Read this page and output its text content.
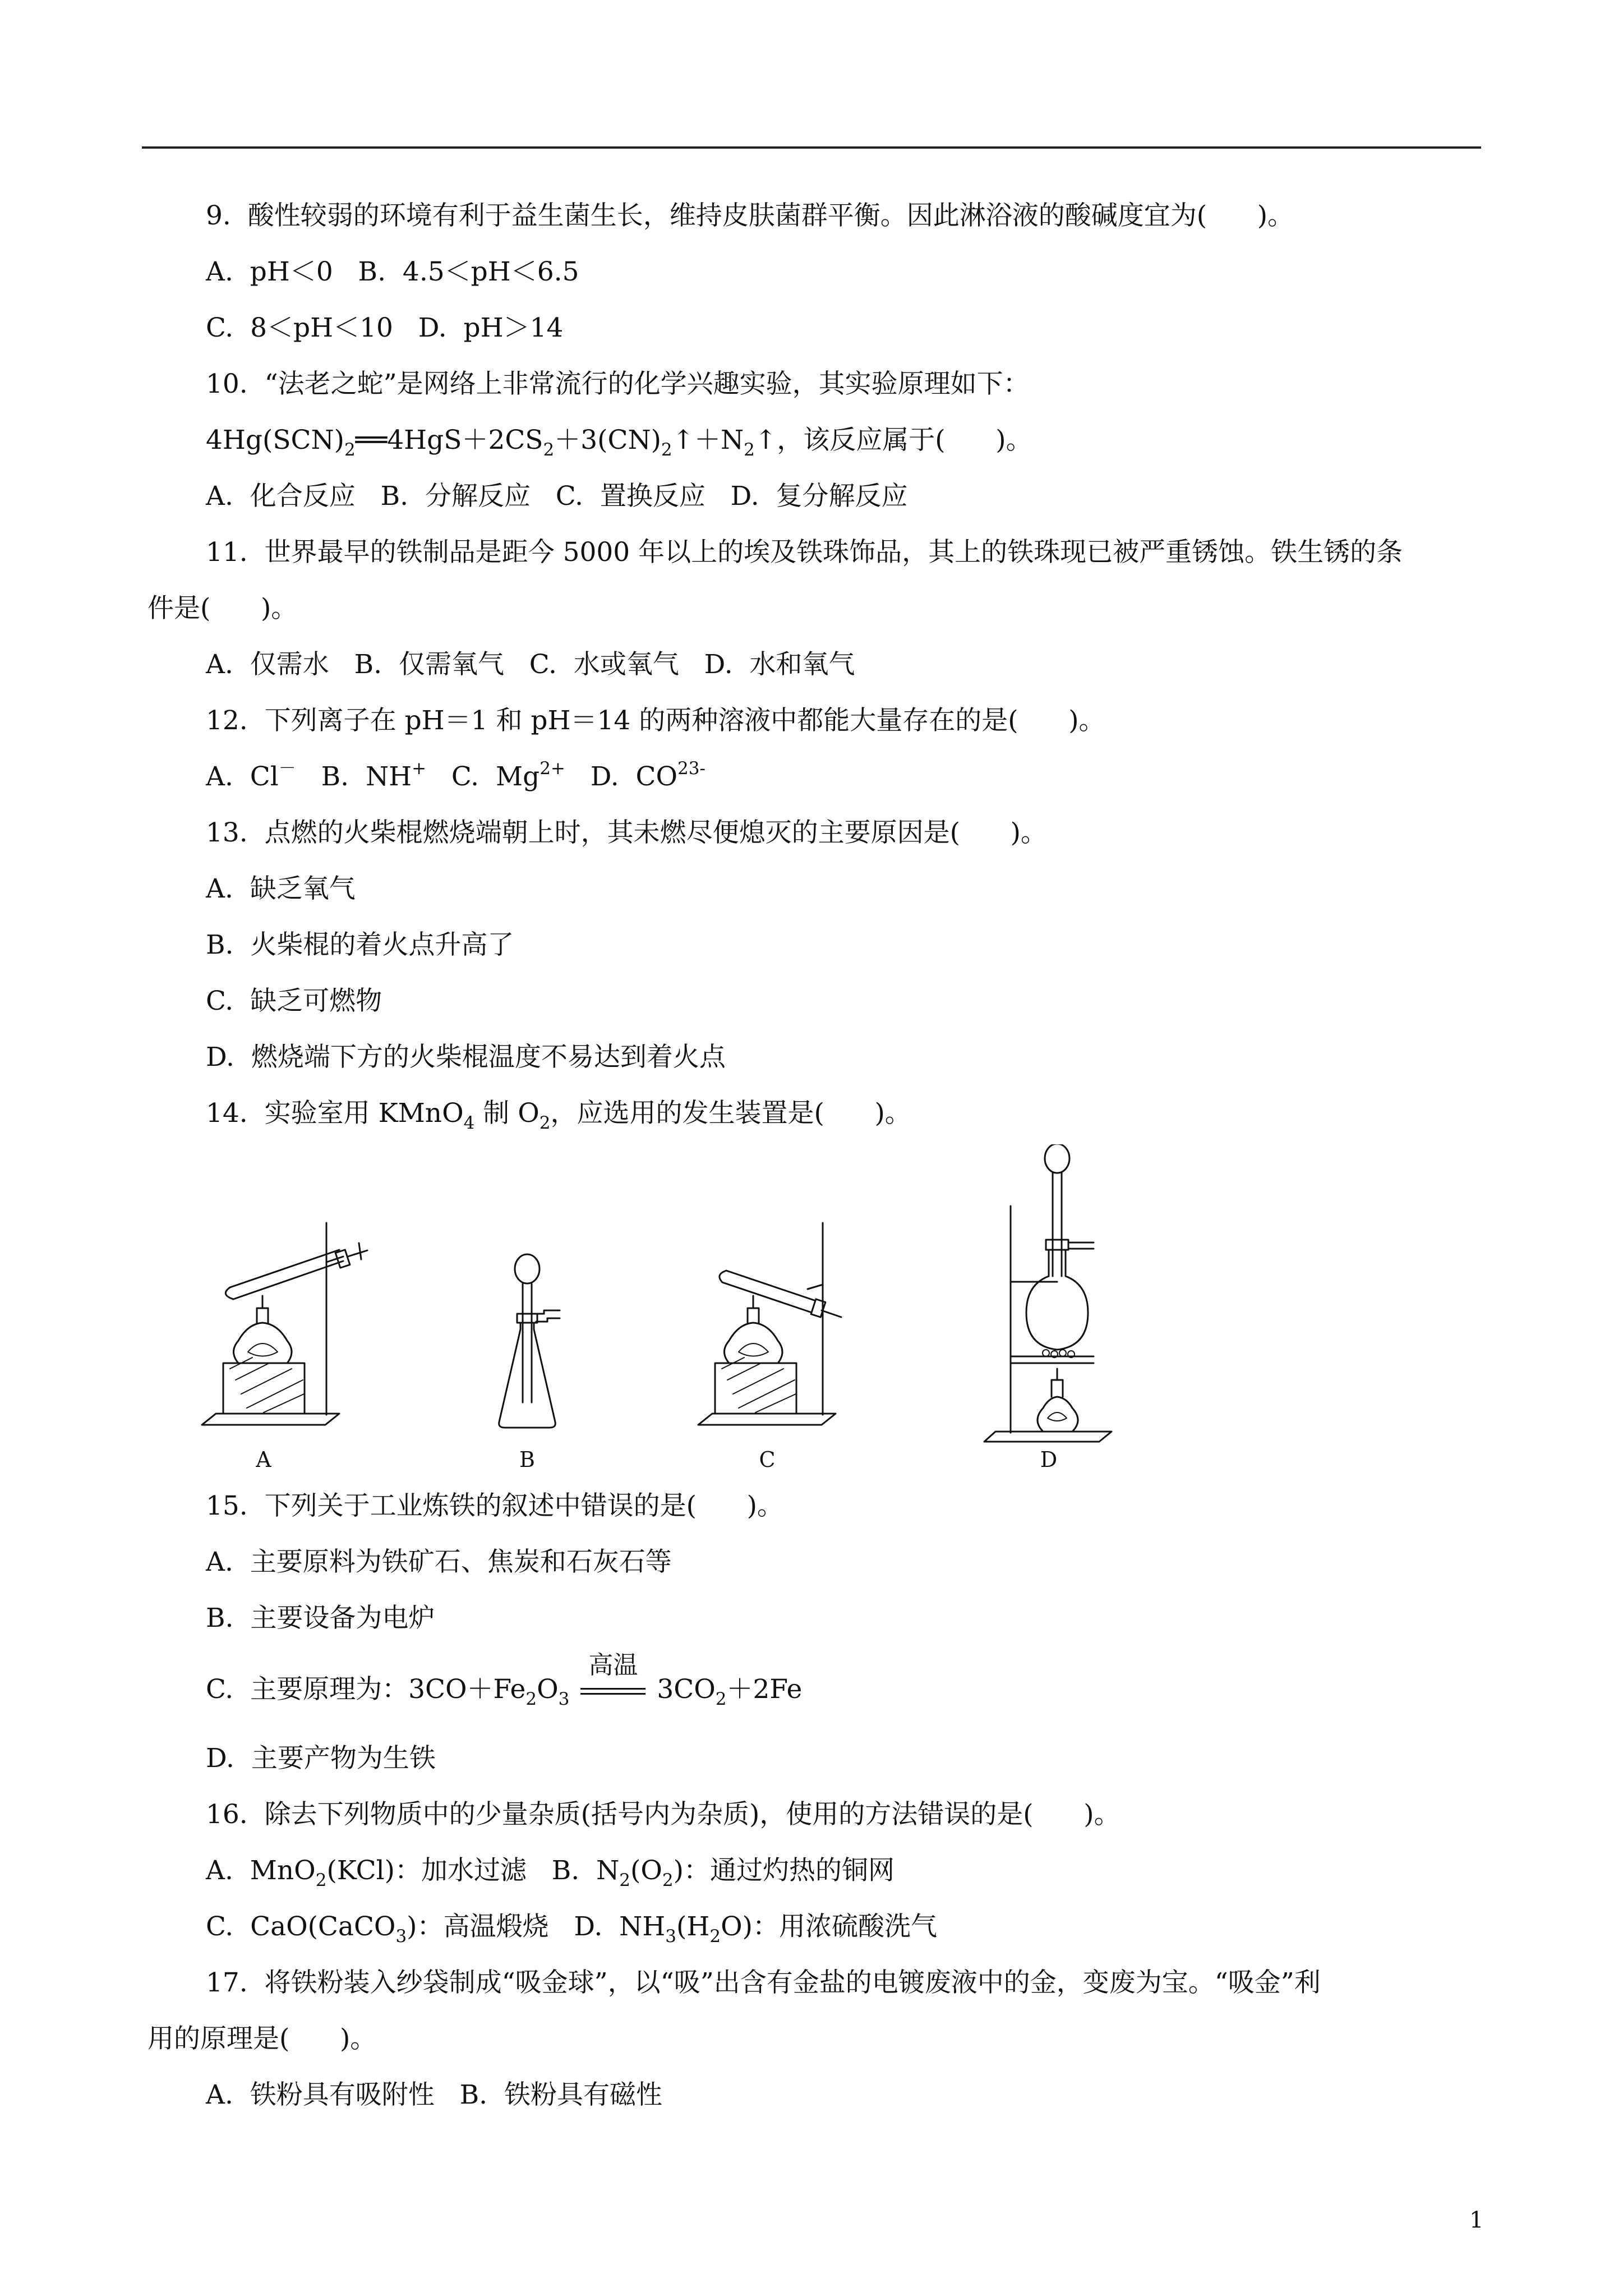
9.  酸性较弱的环境有利于益生菌生长，维持皮肤菌群平衡。因此淋浴液的酸碱度宜为(      )。
A.  pH＜0   B.  4.5＜pH＜6.5
C.  8＜pH＜10   D.  pH＞14
10.  “法老之蛇”是网络上非常流行的化学兴趣实验，其实验原理如下：
$4Hg(SCN)_2══4HgS+2CS_2+3(CN)_2↑+N_2↑$，该反应属于(      )。
A.  化合反应   B.  分解反应   C.  置换反应   D.  复分解反应
11.  世界最早的铁制品是距今 5000 年以上的埃及铁珠饰品，其上的铁珠现已被严重锈蚀。铁生锈的条
件是(      )。
A.  仅需水   B.  仅需氧气   C.  水或氧气   D.  水和氧气
12.  下列离子在 pH＝1 和 pH＝14 的两种溶液中都能大量存在的是(      )。
A.  Cl－   B.  NH+   C.  $Mg^{2+}$   D.  $CO^{23-}$
13.  点燃的火柴棍燃烧端朝上时，其未燃尽便熄灭的主要原因是(      )。
A.  缺乏氧气
B.  火柴棍的着火点升高了
C.  缺乏可燃物
D.  燃烧端下方的火柴棍温度不易达到着火点
14.  实验室用 KMnO$_4$ 制 $O_2$，应选用的发生装置是(      )。
A	B	C	D
15.  下列关于工业炼铁的叙述中错误的是(      )。
A.  主要原料为铁矿石、焦炭和石灰石等
B.  主要设备为电炉
C.  主要原理为：$3CO+Fe_2O_3$
高温
$3CO_2+2Fe$
D.  主要产物为生铁
16.  除去下列物质中的少量杂质(括号内为杂质)，使用的方法错误的是(      )。
A.  MnO$_2$(KCl)：加水过滤   B.  $N_2(O_2)$：通过灼热的铜网
C.  CaO(CaCO$_3$)：高温煅烧   D.  $NH_3(H_2O)$：用浓硫酸洗气
17.  将铁粉装入纱袋制成“吸金球”，以“吸”出含有金盐的电镀废液中的金，变废为宝。“吸金”利
用的原理是(      )。
A.  铁粉具有吸附性   B.  铁粉具有磁性
1
